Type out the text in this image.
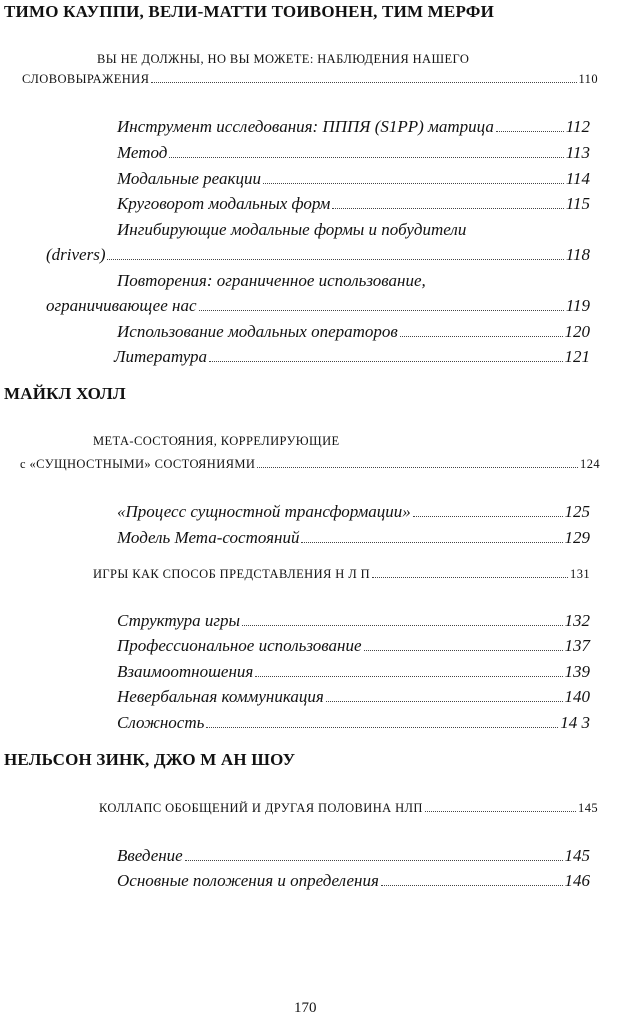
ТИМО КАУППИ, ВЕЛИ-МАТТИ ТОИВОНЕН, ТИМ МЕРФИ
ВЫ НЕ ДОЛЖНЫ, НО ВЫ МОЖЕТЕ: НАБЛЮДЕНИЯ НАШЕГО
СЛОВОВЫРАЖЕНИЯ	110
Инструмент исследования: ПППЯ (S1PP) матрица	112
Метод	113
Модальные реакции	114
Круговорот модальных форм	115
Ингибирующие модальные формы и побудители
(drivers)	118
Повторения: ограниченное использование,
ограничивающее нас	119
Использование модальных операторов	120
Литература	121
МАЙКЛ ХОЛЛ
МЕТА-СОСТОЯНИЯ, КОРРЕЛИРУЮЩИЕ
с «СУЩНОСТНЫМИ» СОСТОЯНИЯМИ	124
«Процесс сущностной трансформации»	125
Модель Мета-состояний	129
ИГРЫ КАК СПОСОБ ПРЕДСТАВЛЕНИЯ Н Л П	131
Структура игры	132
Профессиональное использование	137
Взаимоотношения	139
Невербальная коммуникация	140
Сложность	14 3
НЕЛЬСОН ЗИНК, ДЖО М АН ШОУ
КОЛЛАПС ОБОБЩЕНИЙ И ДРУГАЯ ПОЛОВИНА НЛП	145
Введение	145
Основные положения и определения	146
170
